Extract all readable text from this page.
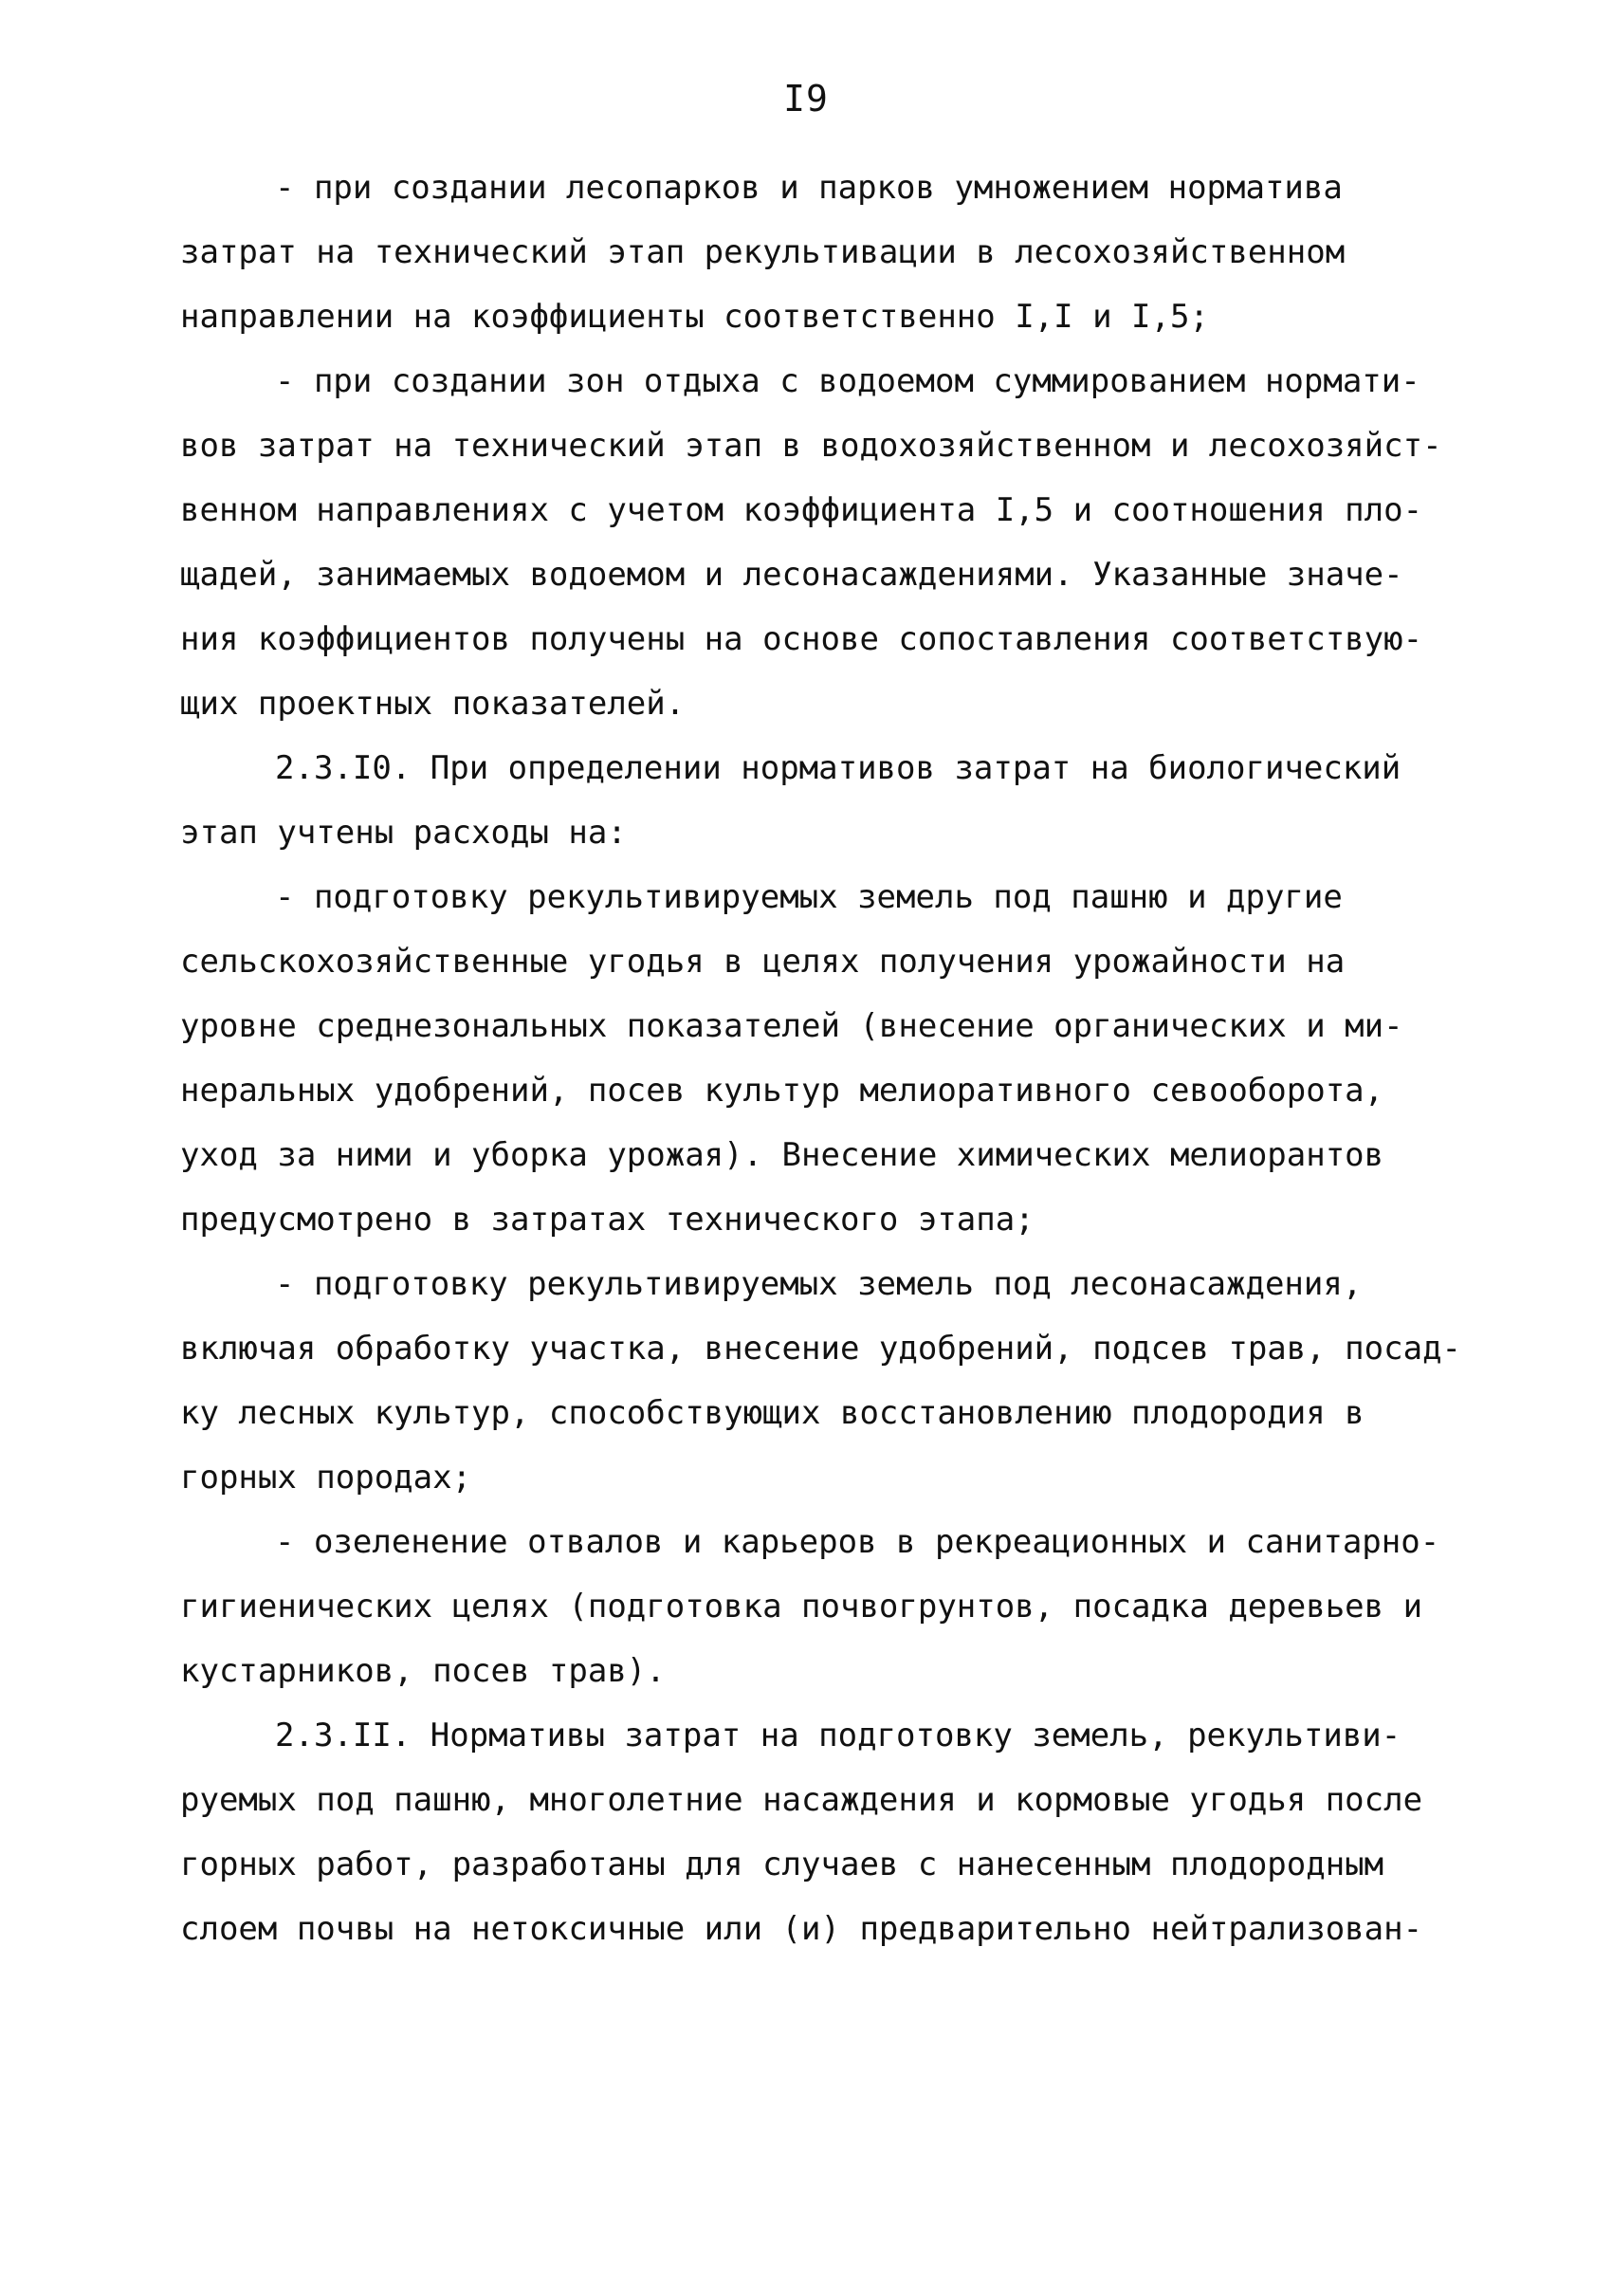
I9

- при создании лесопарков и парков умножением норматива

затрат на технический этап рекультивации в лесохозяйственном

направлении на коэффициенты соответственно I,I и I,5;

- при создании зон отдыха с водоемом суммированием нормати-

вов затрат на технический этап в водохозяйственном и лесохозяйст-

венном направлениях с учетом коэффициента I,5 и соотношения пло-

щадей, занимаемых водоемом и лесонасаждениями. Указанные значе-

ния коэффициентов получены на основе сопоставления соответствую-

щих проектных показателей.

2.3.I0. При определении нормативов затрат на биологический

этап учтены расходы на:

- подготовку рекультивируемых земель под пашню и другие

сельскохозяйственные угодья в целях получения урожайности на

уровне среднезональных показателей (внесение органических и ми-

неральных удобрений, посев культур мелиоративного севооборота,

уход за ними и уборка урожая). Внесение химических мелиорантов

предусмотрено в затратах технического этапа;

- подготовку рекультивируемых земель под лесонасаждения,

включая обработку участка, внесение удобрений, подсев трав, посад-

ку лесных культур, способствующих восстановлению плодородия в

горных породах;

- озеленение отвалов и карьеров в рекреационных и санитарно-

гигиенических целях (подготовка почвогрунтов, посадка деревьев и

кустарников, посев трав).

2.3.II. Нормативы затрат на подготовку земель, рекультиви-

руемых под пашню, многолетние насаждения и кормовые угодья после

горных работ, разработаны для случаев с нанесенным плодородным

слоем почвы на нетоксичные или (и) предварительно нейтрализован-
